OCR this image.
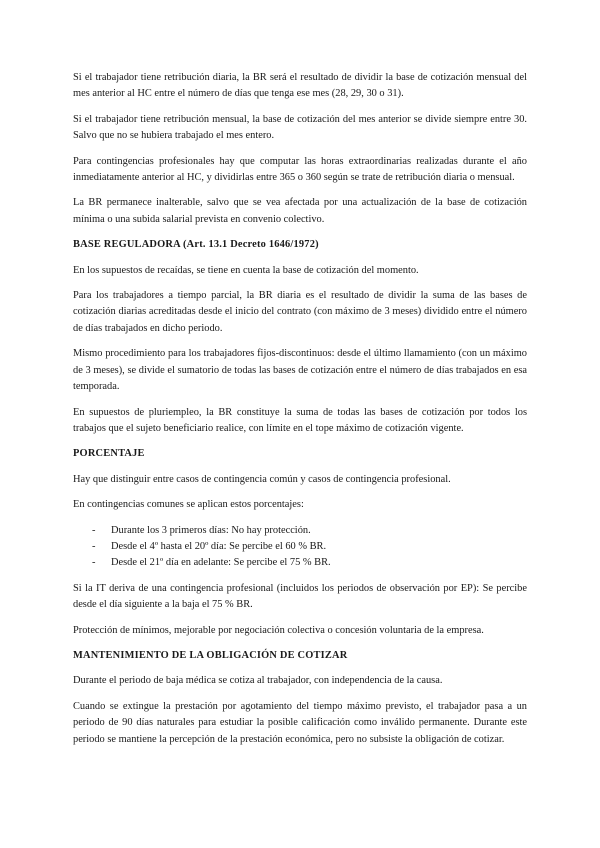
Si el trabajador tiene retribución diaria, la BR será el resultado de dividir la base de cotización mensual del mes anterior al HC entre el número de días que tenga ese mes (28, 29, 30 o 31).

Si el trabajador tiene retribución mensual, la base de cotización del mes anterior se divide siempre entre 30. Salvo que no se hubiera trabajado el mes entero.

Para contingencias profesionales hay que computar las horas extraordinarias realizadas durante el año inmediatamente anterior al HC, y dividirlas entre 365 o 360 según se trate de retribución diaria o mensual.

La BR permanece inalterable, salvo que se vea afectada por una actualización de la base de cotización mínima o una subida salarial prevista en convenio colectivo.

BASE REGULADORA (Art. 13.1 Decreto 1646/1972)

En los supuestos de recaídas, se tiene en cuenta la base de cotización del momento.

Para los trabajadores a tiempo parcial, la BR diaria es el resultado de dividir la suma de las bases de cotización diarias acreditadas desde el inicio del contrato (con máximo de 3 meses) dividido entre el número de días trabajados en dicho periodo.

Mismo procedimiento para los trabajadores fijos-discontinuos: desde el último llamamiento (con un máximo de 3 meses), se divide el sumatorio de todas las bases de cotización entre el número de días trabajados en esa temporada.

En supuestos de pluriempleo, la BR constituye la suma de todas las bases de cotización por todos los trabajos que el sujeto beneficiario realice, con límite en el tope máximo de cotización vigente.

PORCENTAJE

Hay que distinguir entre casos de contingencia común y casos de contingencia profesional.

En contingencias comunes se aplican estos porcentajes:

- Durante los 3 primeros días: No hay protección.
- Desde el 4º hasta el 20º día: Se percibe el 60 % BR.
- Desde el 21º día en adelante: Se percibe el 75 % BR.

Si la IT deriva de una contingencia profesional (incluidos los periodos de observación por EP): Se percibe desde el día siguiente a la baja el 75 % BR.

Protección de mínimos, mejorable por negociación colectiva o concesión voluntaria de la empresa.

MANTENIMIENTO DE LA OBLIGACIÓN DE COTIZAR

Durante el periodo de baja médica se cotiza al trabajador, con independencia de la causa.

Cuando se extingue la prestación por agotamiento del tiempo máximo previsto, el trabajador pasa a un periodo de 90 días naturales para estudiar la posible calificación como inválido permanente. Durante este periodo se mantiene la percepción de la prestación económica, pero no subsiste la obligación de cotizar.
